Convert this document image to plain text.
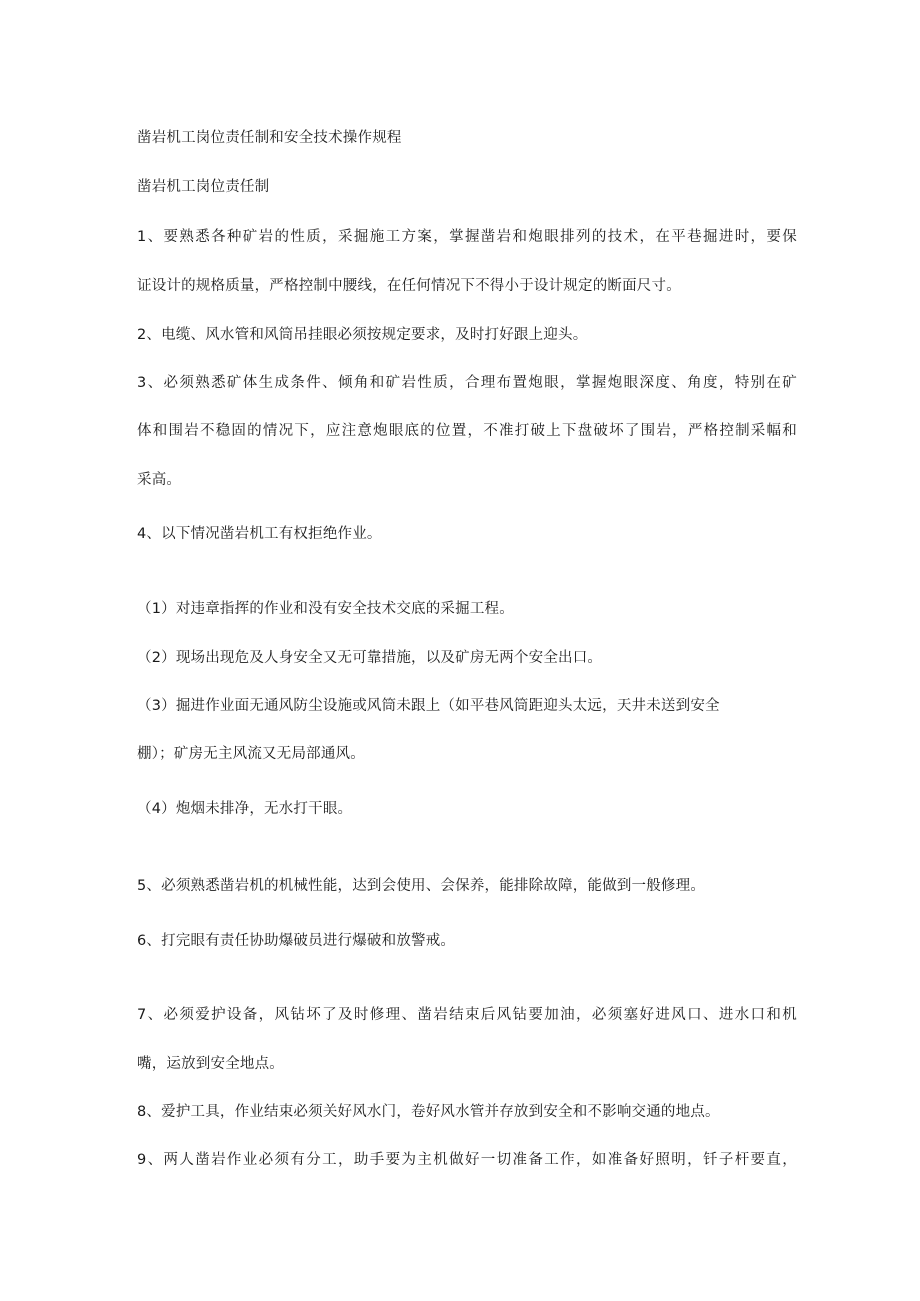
凿岩机工岗位责任制和安全技术操作规程
凿岩机工岗位责任制
1、要熟悉各种矿岩的性质，采掘施工方案，掌握凿岩和炮眼排列的技术，在平巷掘进时，要保
证设计的规格质量，严格控制中腰线，在任何情况下不得小于设计规定的断面尺寸。
2、电缆、风水管和风筒吊挂眼必须按规定要求，及时打好跟上迎头。
3、必须熟悉矿体生成条件、倾角和矿岩性质，合理布置炮眼，掌握炮眼深度、角度，特别在矿
体和围岩不稳固的情况下，应注意炮眼底的位置，不准打破上下盘破坏了围岩，严格控制采幅和
采高。
4、以下情况凿岩机工有权拒绝作业。
（1）对违章指挥的作业和没有安全技术交底的采掘工程。
（2）现场出现危及人身安全又无可靠措施，以及矿房无两个安全出口。
（3）掘进作业面无通风防尘设施或风筒未跟上（如平巷风筒距迎头太远，天井未送到安全
棚）；矿房无主风流又无局部通风。
（4）炮烟未排净，无水打干眼。
5、必须熟悉凿岩机的机械性能，达到会使用、会保养，能排除故障，能做到一般修理。
6、打完眼有责任协助爆破员进行爆破和放警戒。
7、必须爱护设备，风钻坏了及时修理、凿岩结束后风钻要加油，必须塞好进风口、进水口和机
嘴，运放到安全地点。
8、爱护工具，作业结束必须关好风水门，卷好风水管并存放到安全和不影响交通的地点。
9、两人凿岩作业必须有分工，助手要为主机做好一切准备工作，如准备好照明，钎子杆要直，
